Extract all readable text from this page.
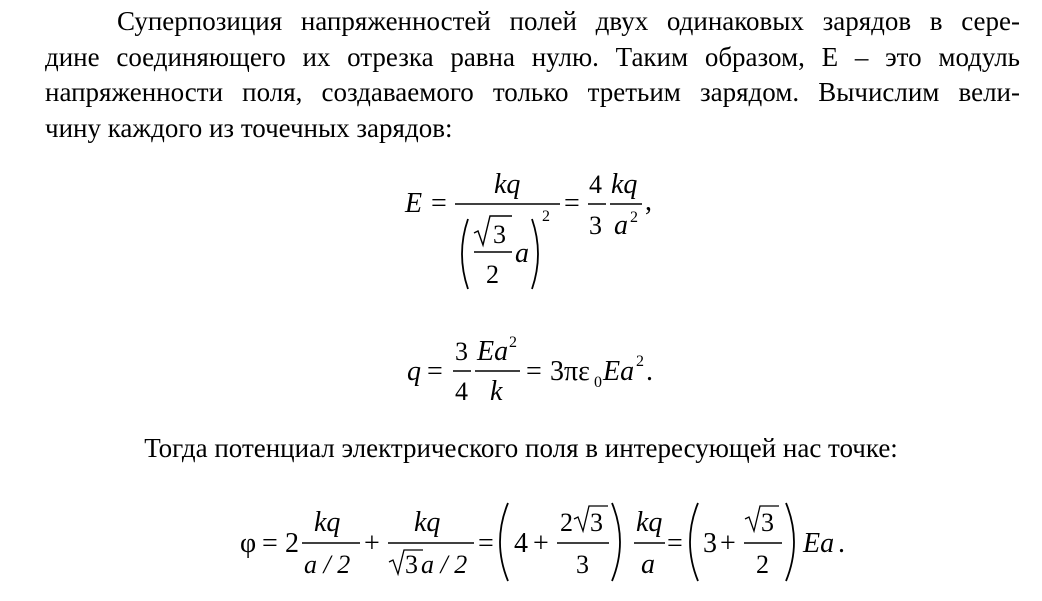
Суперпозиция напряженностей полей двух одинаковых зарядов в сере-
дине соединяющего их отрезка равна нулю. Таким образом, E – это модуль
напряженности поля, создаваемого только третьим зарядом. Вычислим вели-
чину каждого из точечных зарядов:
E =
kq
3
2
a
2 =
4
3
kq
a 2
,
q =
3
4
Ea 2
k
= 3πε 0 Ea 2 .
Тогда потенциал электрического поля в интересующей нас точке:
φ = 2
kq
a / 2
+
kq
3 a / 2
= 4 +
2 3
3
kq
a
= 3 +
3
2
Ea .
